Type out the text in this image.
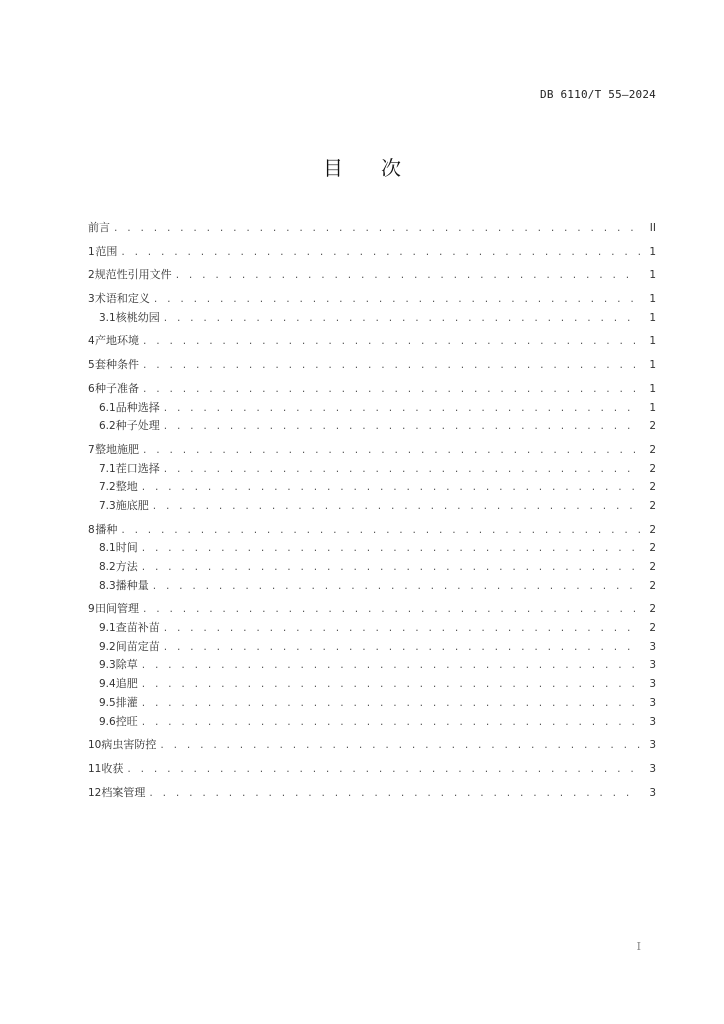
DB 6110/T 55—2024
目次
前言 . . .	II
1 范围 . . .	1
2 规范性引用文件 . . .	1
3 术语和定义 . . .	1
3.1 核桃幼园 . . .	1
4 产地环境 . . .	1
5 套种条件 . . .	1
6 种子准备 . . .	1
6.1 品种选择 . . .	1
6.2 种子处理 . . .	2
7 整地施肥 . . .	2
7.1 茬口选择 . . .	2
7.2 整地 . . .	2
7.3 施底肥 . . .	2
8 播种 . . .	2
8.1 时间 . . .	2
8.2 方法 . . .	2
8.3 播种量 . . .	2
9 田间管理 . . .	2
9.1 查苗补苗 . . .	2
9.2 间苗定苗 . . .	3
9.3 除草 . . .	3
9.4 追肥 . . .	3
9.5 排灌 . . .	3
9.6 控旺 . . .	3
10 病虫害防控 . . .	3
11 收获 . . .	3
12 档案管理 . . .	3
I
